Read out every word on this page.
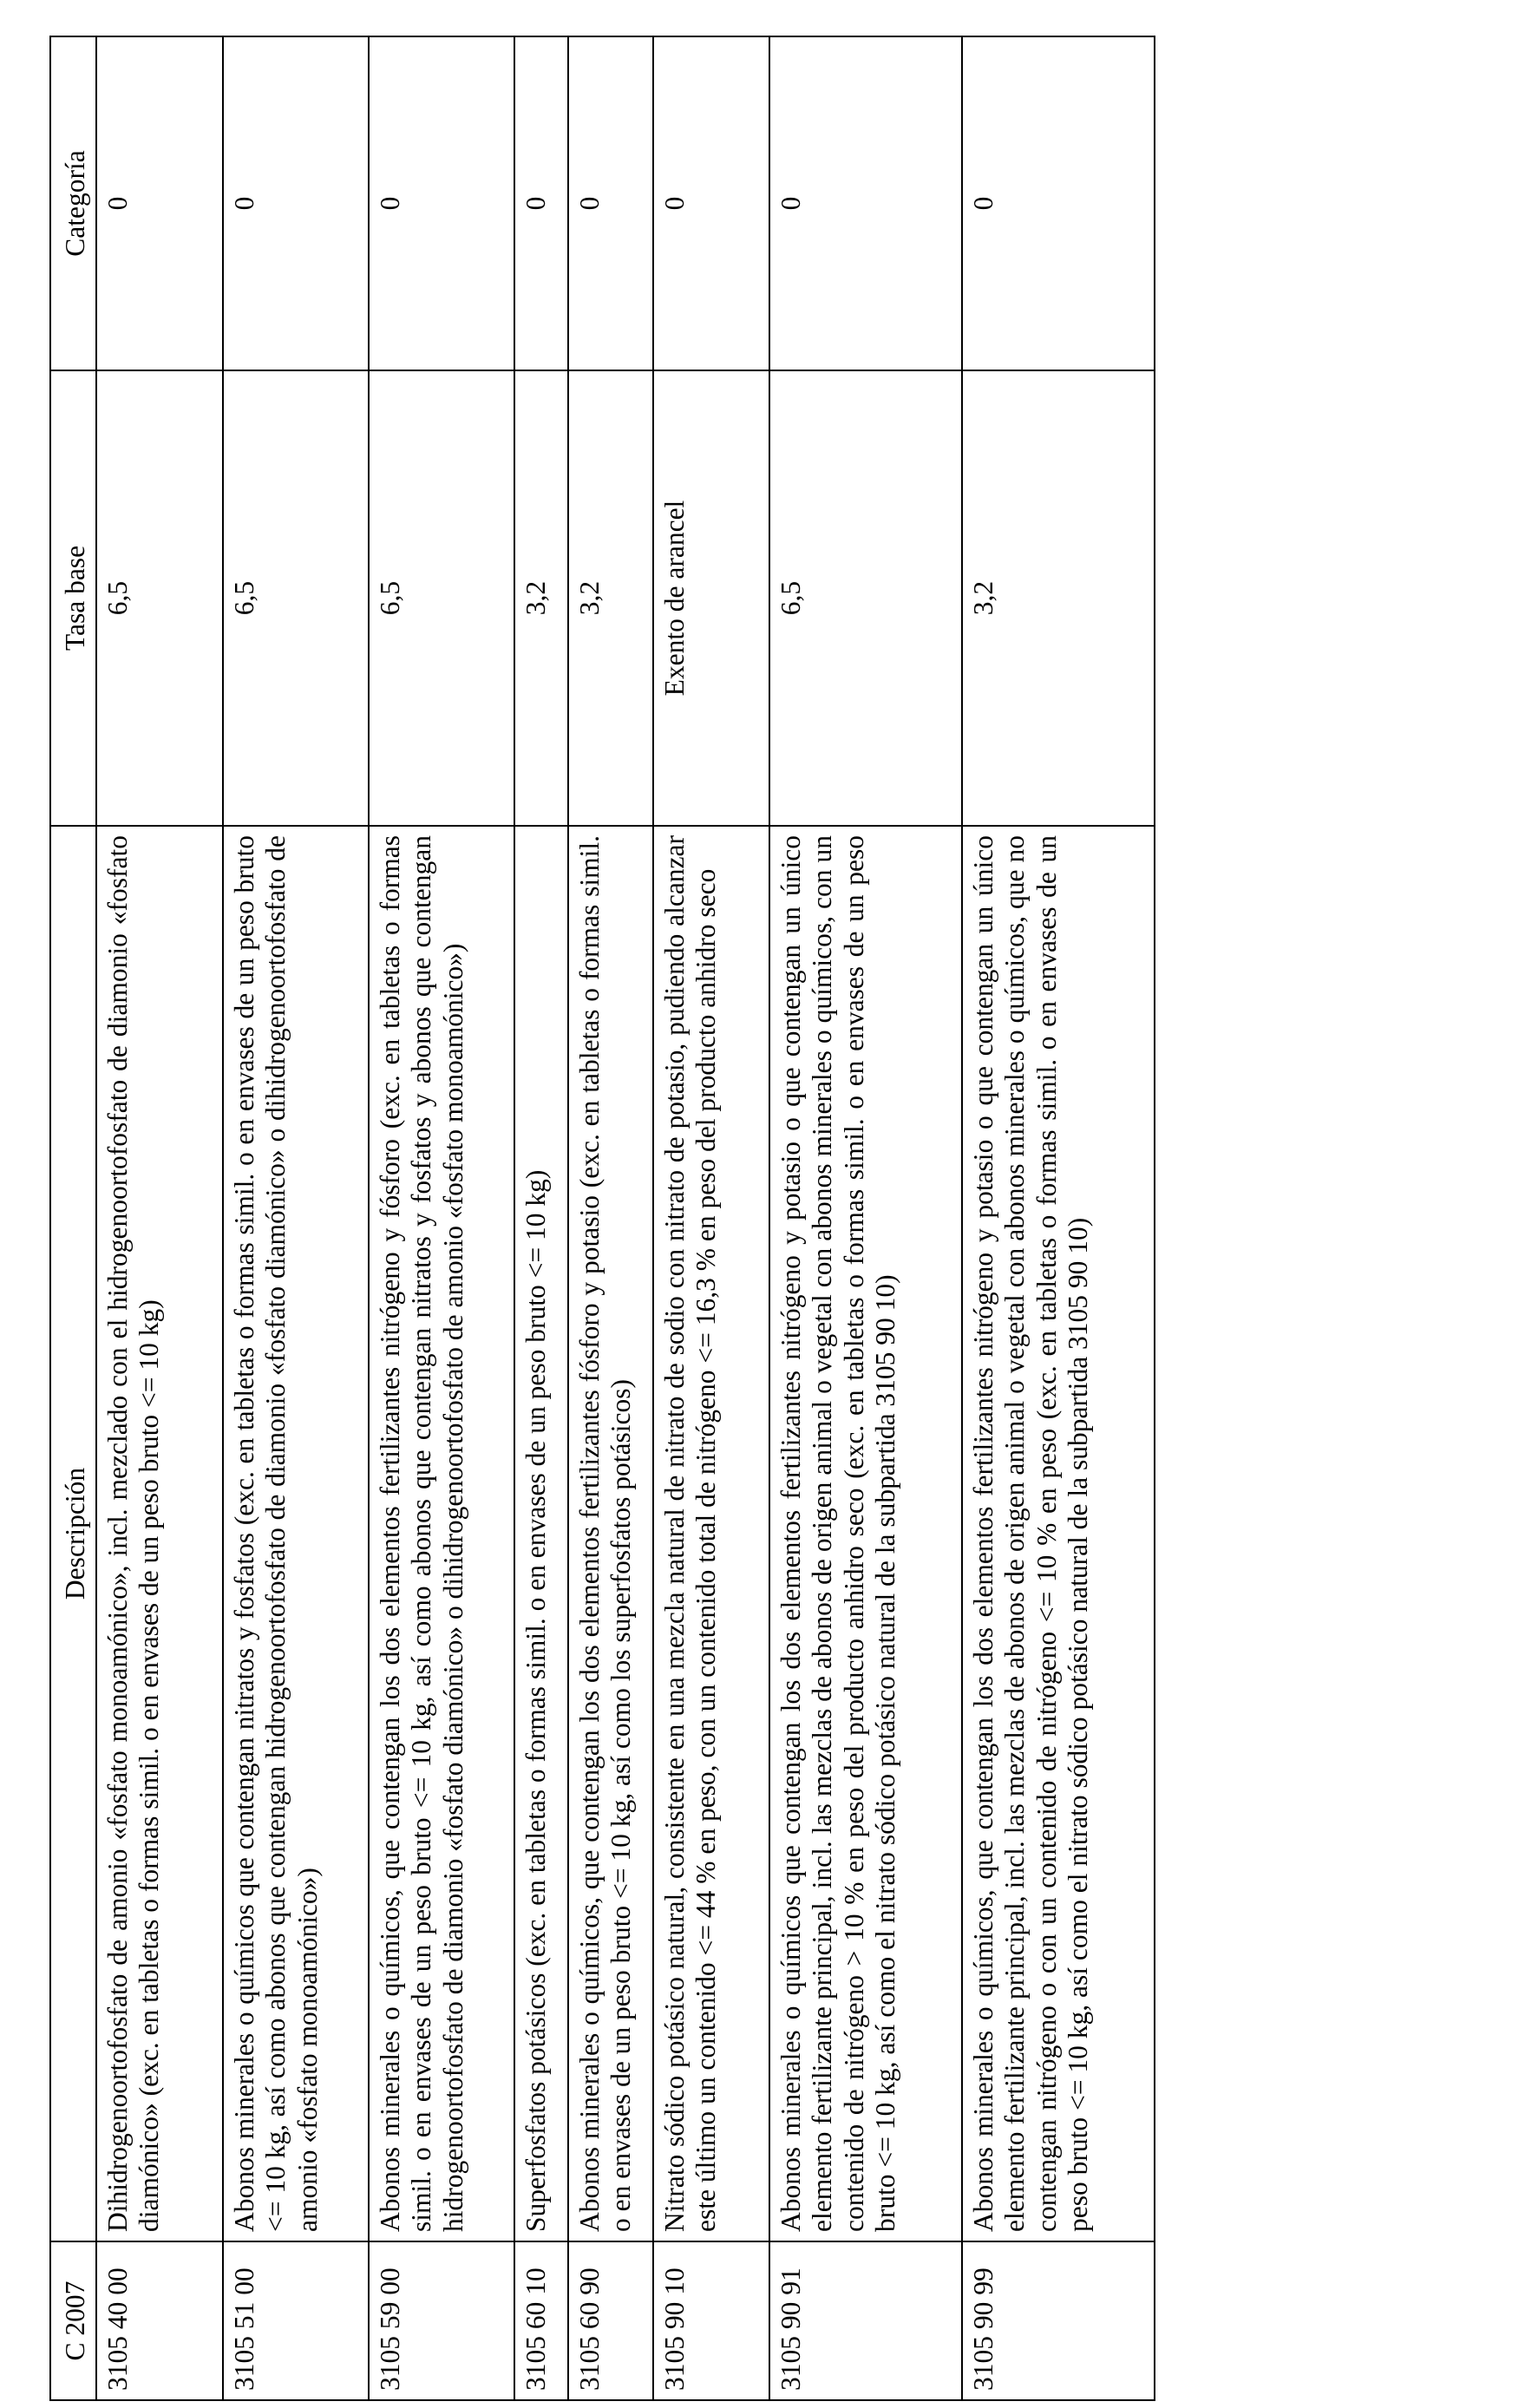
C 2007	Descripción	Tasa base	Categoría
3105 40 00	Dihidrogenoortofosfato de amonio «fosfato monoamónico», incl. mezclado con el hidrogenoortofosfato de diamonio «fosfato diamónico» (exc. en tabletas o formas simil. o en envases de un peso bruto <= 10 kg)	6,5	0
3105 51 00	Abonos minerales o químicos que contengan nitratos y fosfatos (exc. en tabletas o formas simil. o en envases de un peso bruto <= 10 kg, así como abonos que contengan hidrogenoortofosfato de diamonio «fosfato diamónico» o dihidrogenoortofosfato de amonio «fosfato monoamónico»)	6,5	0
3105 59 00	Abonos minerales o químicos, que contengan los dos elementos fertilizantes nitrógeno y fósforo (exc. en tabletas o formas simil. o en envases de un peso bruto <= 10 kg, así como abonos que contengan nitratos y fosfatos y abonos que contengan hidrogenoortofosfato de diamonio «fosfato diamónico» o dihidrogenoortofosfato de amonio «fosfato monoamónico»)	6,5	0
3105 60 10	Superfosfatos potásicos (exc. en tabletas o formas simil. o en envases de un peso bruto <= 10 kg)	3,2	0
3105 60 90	Abonos minerales o químicos, que contengan los dos elementos fertilizantes fósforo y potasio (exc. en tabletas o formas simil. o en envases de un peso bruto <= 10 kg, así como los superfosfatos potásicos)	3,2	0
3105 90 10	Nitrato sódico potásico natural, consistente en una mezcla natural de nitrato de sodio con nitrato de potasio, pudiendo alcanzar este último un contenido <= 44 % en peso, con un contenido total de nitrógeno <= 16,3 % en peso del producto anhidro seco	Exento de arancel	0
3105 90 91	Abonos minerales o químicos que contengan los dos elementos fertilizantes nitrógeno y potasio o que contengan un único elemento fertilizante principal, incl. las mezclas de abonos de origen animal o vegetal con abonos minerales o químicos, con un contenido de nitrógeno > 10 % en peso del producto anhidro seco (exc. en tabletas o formas simil. o en envases de un peso bruto <= 10 kg, así como el nitrato sódico potásico natural de la subpartida 3105 90 10)	6,5	0
3105 90 99	Abonos minerales o químicos, que contengan los dos elementos fertilizantes nitrógeno y potasio o que contengan un único elemento fertilizante principal, incl. las mezclas de abonos de origen animal o vegetal con abonos minerales o químicos, que no contengan nitrógeno o con un contenido de nitrógeno <= 10 % en peso (exc. en tabletas o formas simil. o en envases de un peso bruto <= 10 kg, así como el nitrato sódico potásico natural de la subpartida 3105 90 10)	3,2	0
